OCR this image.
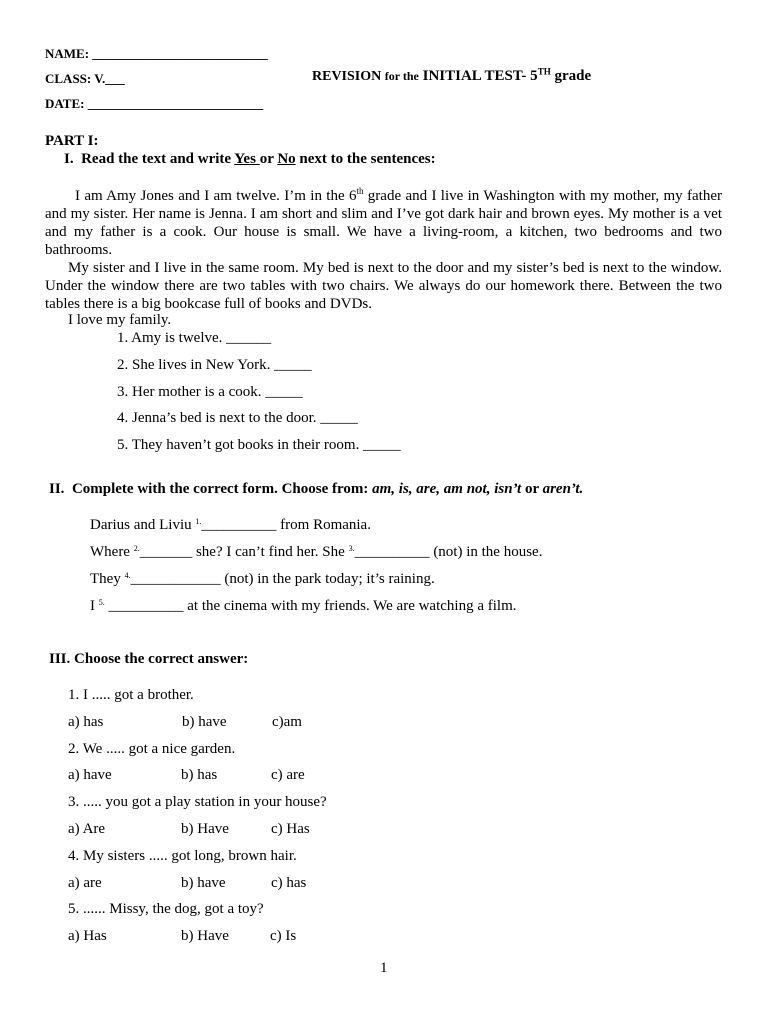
NAME: ___________________________
CLASS: V.___
DATE: ___________________________
REVISION for the INITIAL TEST- 5TH grade
PART I:
I. Read the text and write Yes or No next to the sentences:
I am Amy Jones and I am twelve. I’m in the 6th grade and I live in Washington with my mother, my father and my sister. Her name is Jenna. I am short and slim and I’ve got dark hair and brown eyes. My mother is a vet and my father is a cook. Our house is small. We have a living-room, a kitchen, two bedrooms and two bathrooms.
My sister and I live in the same room. My bed is next to the door and my sister’s bed is next to the window. Under the window there are two tables with two chairs. We always do our homework there. Between the two tables there is a big bookcase full of books and DVDs.
I love my family.
1. Amy is twelve. ______
2. She lives in New York. _____
3. Her mother is a cook. _____
4. Jenna’s bed is next to the door. _____
5. They haven’t got books in their room. _____
II. Complete with the correct form. Choose from: am, is, are, am not, isn’t or aren’t.
Darius and Liviu $^{1.}$__________ from Romania.
Where $^{2.}$_______ she? I can’t find her. She $^{3.}$__________ (not) in the house.
They $^{4.}$____________ (not) in the park today; it’s raining.
I $^{5.}$ __________ at the cinema with my friends. We are watching a film.
III. Choose the correct answer:
1. I ..... got a brother.
a) has	b) have	c)am
2. We ..... got a nice garden.
a) have	b) has	c) are
3. ..... you got a play station in your house?
a) Are	b) Have	c) Has
4. My sisters ..... got long, brown hair.
a) are	b) have	c) has
5. ...... Missy, the dog, got a toy?
a) Has	b) Have	c) Is
1
